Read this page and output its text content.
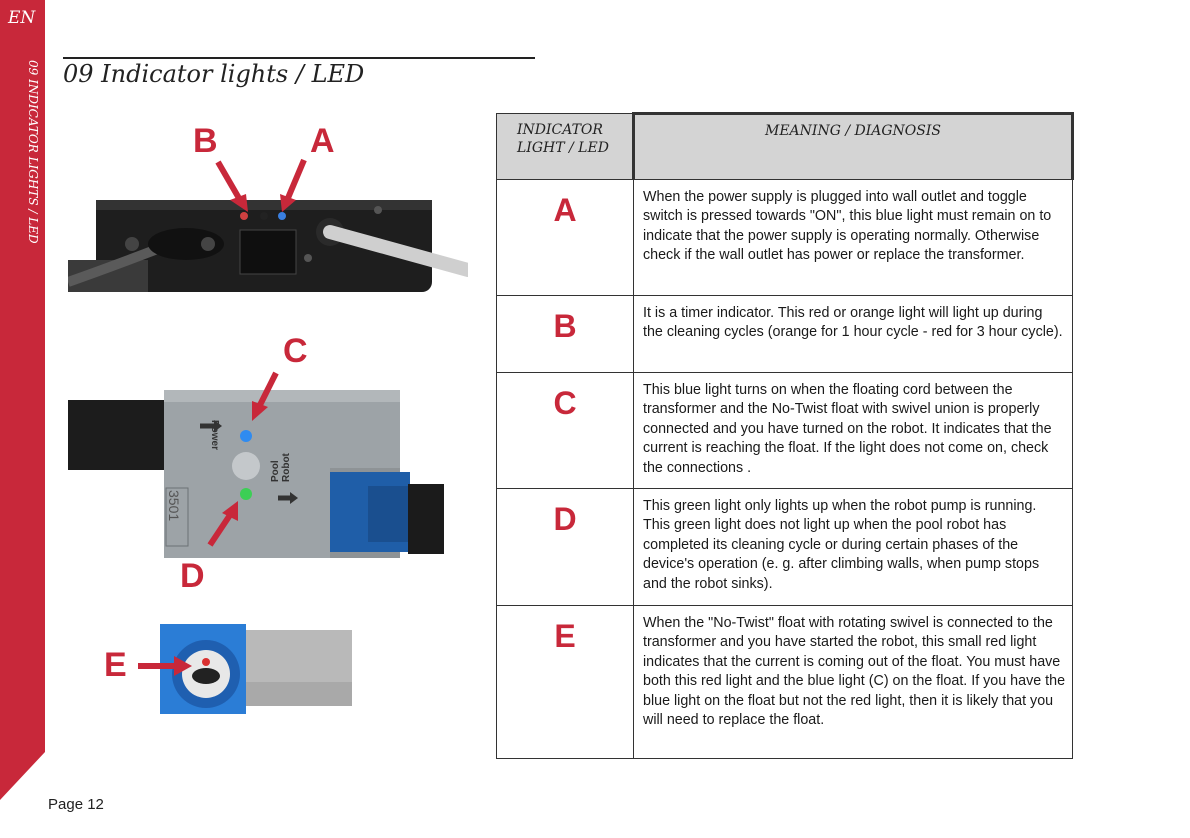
EN
09 INDICATOR LIGHTS / LED 09 Indicator lights / LED
B	A
Power
Pool
Robot
3501
C
D
E
INDICATOR LIGHT / LED	MEANING / DIAGNOSIS
A	When the power supply is plugged into wall outlet and toggle switch is pressed towards "ON", this blue light must remain on to indicate that the power supply is operating normally. Otherwise check if the wall outlet has power or replace the transformer.
B	It is a timer indicator. This red or orange light will light up during the cleaning cycles (orange for 1 hour cycle - red for 3 hour cycle).
C	This blue light turns on when the floating cord between the transformer and the No-Twist float with swivel union is properly connected and you have turned on the robot. It indicates that the current is reaching the float. If the light does not come on, check the connections .
D	This green light only lights up when the robot pump is running. This green light does not light up when the pool robot has completed its cleaning cycle or during certain phases of the device's operation (e. g. after climbing walls, when pump stops and the robot sinks).
E	When the "No-Twist" float with rotating swivel is connected to the transformer and you have started the robot, this small red light indicates that the current is coming out of the float. You must have both this red light and the blue light (C) on the float. If you have the blue light on the float but not the red light, then it is likely that you will need to replace the float.
Page 12
